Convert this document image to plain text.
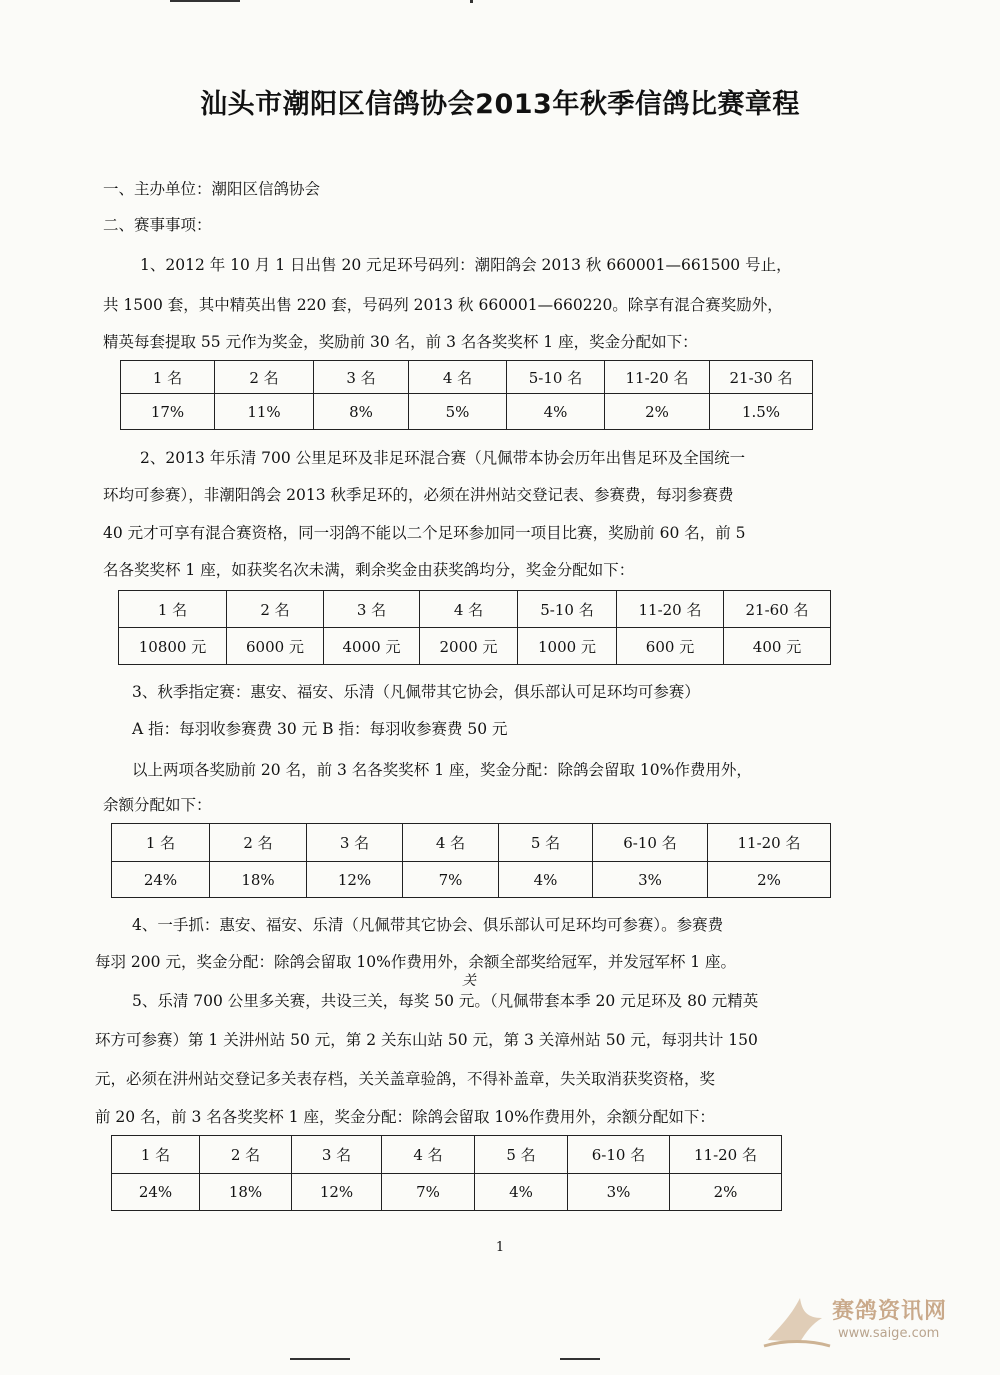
汕头市潮阳区信鸽协会2013年秋季信鸽比赛章程
一、主办单位：潮阳区信鸽协会
二、赛事事项：
1、2012 年 10 月 1 日出售 20 元足环号码列：潮阳鸽会 2013 秋 660001—661500 号止，
共 1500 套，其中精英出售 220 套，号码列 2013 秋 660001—660220。除享有混合赛奖励外，
精英每套提取 55 元作为奖金，奖励前 30 名，前 3 名各奖奖杯 1 座，奖金分配如下：
1 名	2 名	3 名	4 名	5-10 名	11-20 名	21-30 名
17%	11%	8%	5%	4%	2%	1.5%
2、2013 年乐清 700 公里足环及非足环混合赛（凡佩带本协会历年出售足环及全国统一
环均可参赛），非潮阳鸽会 2013 秋季足环的，必须在汫州站交登记表、参赛费，每羽参赛费
40 元才可享有混合赛资格，同一羽鸽不能以二个足环参加同一项目比赛，奖励前 60 名，前 5
名各奖奖杯 1 座，如获奖名次未满，剩余奖金由获奖鸽均分，奖金分配如下：
1 名	2 名	3 名	4 名	5-10 名	11-20 名	21-60 名
10800 元	6000 元	4000 元	2000 元	1000 元	600 元	400 元
3、秋季指定赛：惠安、福安、乐清（凡佩带其它协会，俱乐部认可足环均可参赛）
A 指：每羽收参赛费 30 元 B 指：每羽收参赛费 50 元
以上两项各奖励前 20 名，前 3 名各奖奖杯 1 座，奖金分配：除鸽会留取 10%作费用外，
余额分配如下：
1 名	2 名	3 名	4 名	5 名	6-10 名	11-20 名
24%	18%	12%	7%	4%	3%	2%
4、一手抓：惠安、福安、乐清（凡佩带其它协会、俱乐部认可足环均可参赛）。参赛费
每羽 200 元，奖金分配：除鸽会留取 10%作费用外，余额全部奖给冠军，并发冠军杯 1 座。
关
5、乐清 700 公里多关赛，共设三关，每奖 50 元。（凡佩带套本季 20 元足环及 80 元精英
环方可参赛）第 1 关汫州站 50 元，第 2 关东山站 50 元，第 3 关漳州站 50 元，每羽共计 150
元，必须在汫州站交登记多关表存档，关关盖章验鸽，不得补盖章，失关取消获奖资格，奖
前 20 名，前 3 名各奖奖杯 1 座，奖金分配：除鸽会留取 10%作费用外，余额分配如下：
1 名	2 名	3 名	4 名	5 名	6-10 名	11-20 名
24%	18%	12%	7%	4%	3%	2%
1
赛鸽资讯网
www.saige.com
